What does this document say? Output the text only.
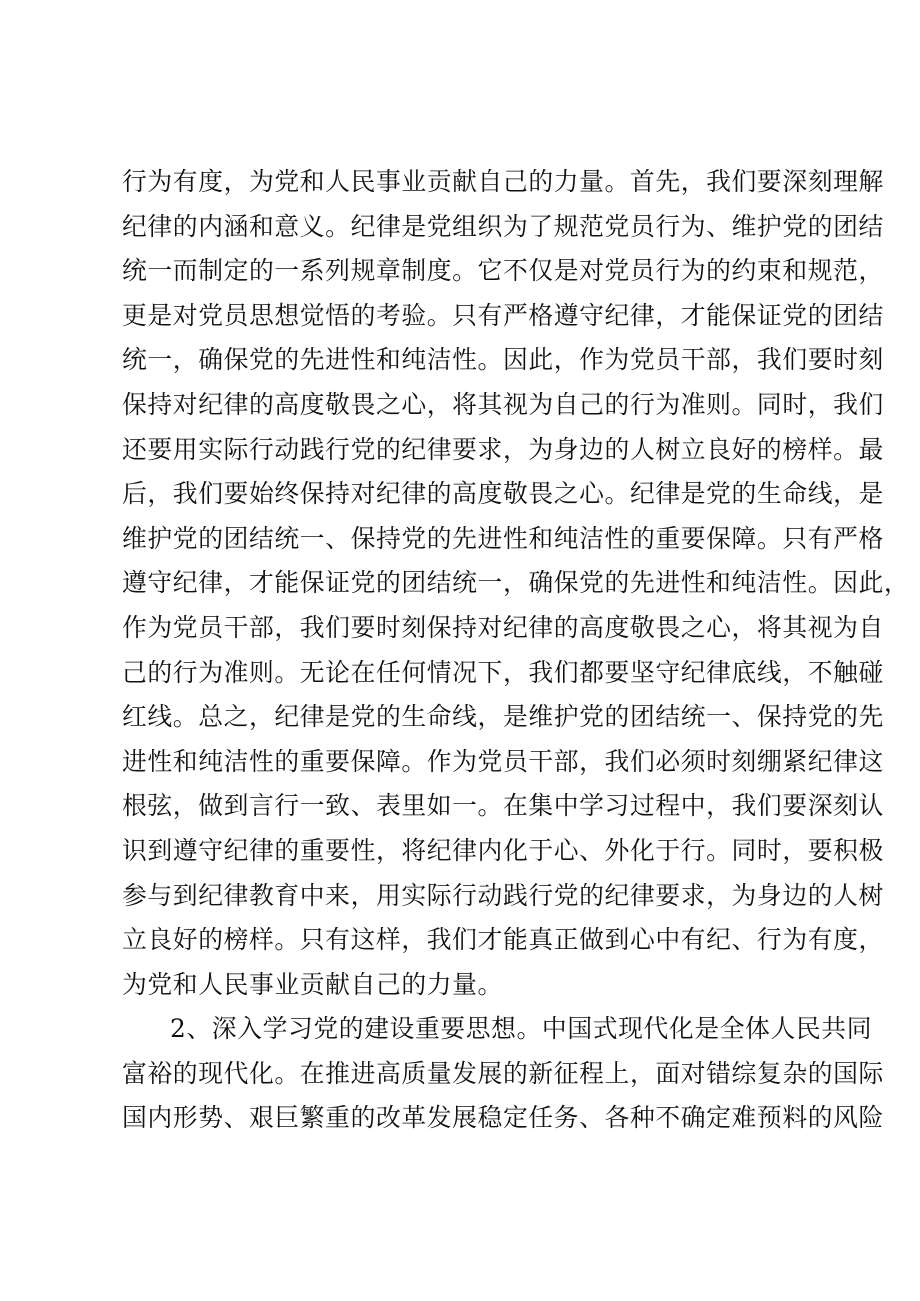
行为有度，为党和人民事业贡献自己的力量。首先，我们要深刻理解
纪律的内涵和意义。纪律是党组织为了规范党员行为、维护党的团结
统一而制定的一系列规章制度。它不仅是对党员行为的约束和规范，
更是对党员思想觉悟的考验。只有严格遵守纪律，才能保证党的团结
统一，确保党的先进性和纯洁性。因此，作为党员干部，我们要时刻
保持对纪律的高度敬畏之心，将其视为自己的行为准则。同时，我们
还要用实际行动践行党的纪律要求，为身边的人树立良好的榜样。最
后，我们要始终保持对纪律的高度敬畏之心。纪律是党的生命线，是
维护党的团结统一、保持党的先进性和纯洁性的重要保障。只有严格
遵守纪律，才能保证党的团结统一，确保党的先进性和纯洁性。因此，
作为党员干部，我们要时刻保持对纪律的高度敬畏之心，将其视为自
己的行为准则。无论在任何情况下，我们都要坚守纪律底线，不触碰
红线。总之，纪律是党的生命线，是维护党的团结统一、保持党的先
进性和纯洁性的重要保障。作为党员干部，我们必须时刻绷紧纪律这
根弦，做到言行一致、表里如一。在集中学习过程中，我们要深刻认
识到遵守纪律的重要性，将纪律内化于心、外化于行。同时，要积极
参与到纪律教育中来，用实际行动践行党的纪律要求，为身边的人树
立良好的榜样。只有这样，我们才能真正做到心中有纪、行为有度，
为党和人民事业贡献自己的力量。

2、深入学习党的建设重要思想。中国式现代化是全体人民共同
富裕的现代化。在推进高质量发展的新征程上，面对错综复杂的国际
国内形势、艰巨繁重的改革发展稳定任务、各种不确定难预料的风险
